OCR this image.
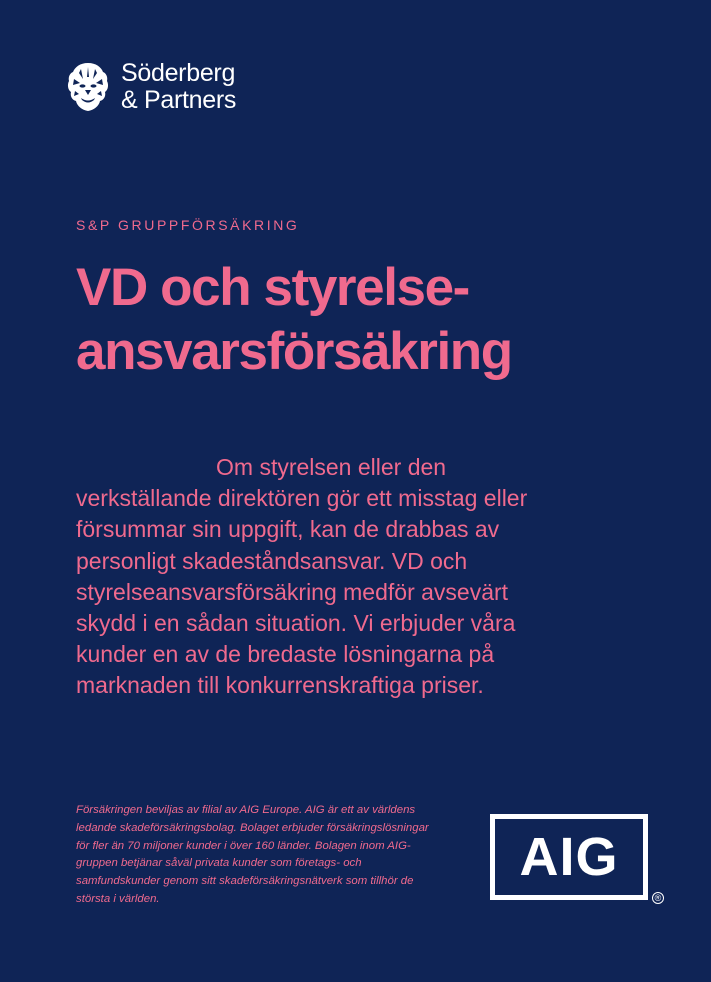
Söderberg
& Partners
S&P GRUPPFÖRSÄKRING
VD och styrelse-
ansvarsförsäkring
Om styrelsen eller den
verkställande direktören gör ett misstag eller
försummar sin uppgift, kan de drabbas av
personligt skadeståndsansvar. VD och
styrelseansvarsförsäkring medför avsevärt
skydd i en sådan situation. Vi erbjuder våra
kunder en av de bredaste lösningarna på
marknaden till konkurrenskraftiga priser.
Försäkringen beviljas av filial av AIG Europe. AIG är ett av världens
ledande skadeförsäkringsbolag. Bolaget erbjuder försäkringslösningar
för fler än 70 miljoner kunder i över 160 länder. Bolagen inom AIG-
gruppen betjänar såväl privata kunder som företags- och
samfundskunder genom sitt skadeförsäkringsnätverk som tillhör de
största i världen.
AIG
®
